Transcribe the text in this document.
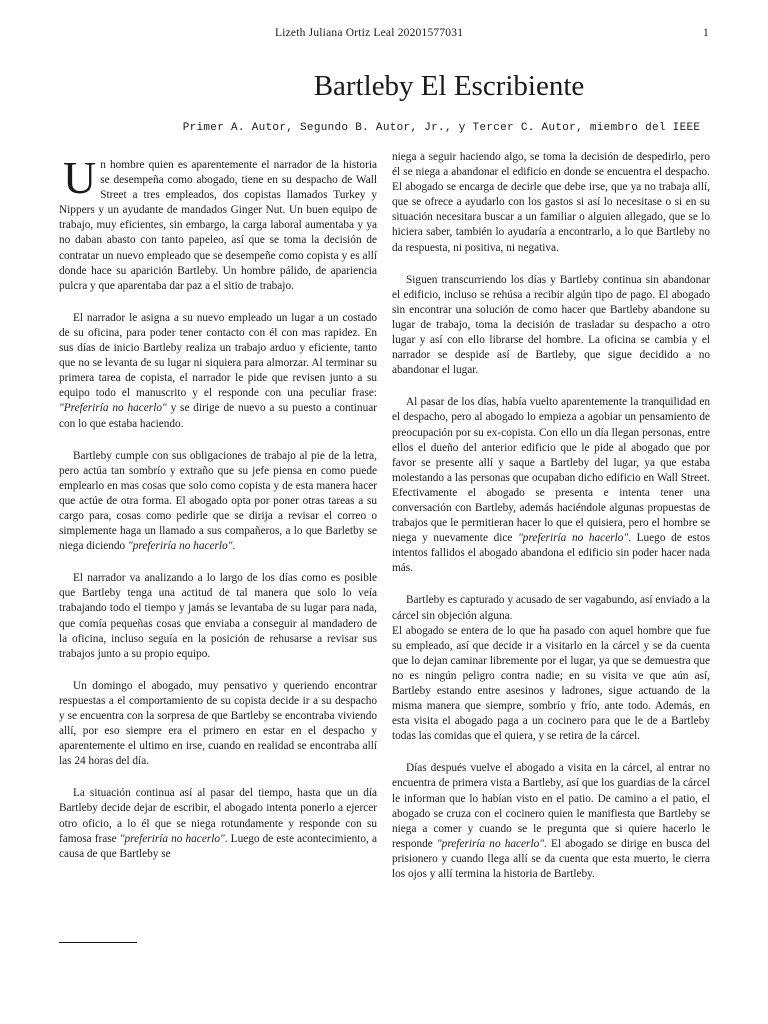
Lizeth Juliana Ortiz Leal 20201577031	1
Bartleby El Escribiente
Primer A. Autor, Segundo B. Autor, Jr., y Tercer C. Autor, miembro del IEEE

Un hombre quien es aparentemente el narrador de la historia se desempeña como abogado, tiene en su despacho de Wall Street a tres empleados, dos copistas llamados Turkey y Nippers y un ayudante de mandados Ginger Nut. Un buen equipo de trabajo, muy eficientes, sin embargo, la carga laboral aumentaba y ya no daban abasto con tanto papeleo, así que se toma la decisión de contratar un nuevo empleado que se desempeñe como copista y es allí donde hace su aparición Bartleby. Un hombre pálido, de apariencia pulcra y que aparentaba dar paz a el sitio de trabajo.

El narrador le asigna a su nuevo empleado un lugar a un costado de su oficina, para poder tener contacto con él con mas rapidez. En sus días de inicio Bartleby realiza un trabajo arduo y eficiente, tanto que no se levanta de su lugar ni siquiera para almorzar. Al terminar su primera tarea de copista, el narrador le pide que revisen junto a su equipo todo el manuscrito y el responde con una peculiar frase: "Preferiría no hacerlo" y se dirige de nuevo a su puesto a continuar con lo que estaba haciendo.

Bartleby cumple con sus obligaciones de trabajo al pie de la letra, pero actúa tan sombrío y extraño que su jefe piensa en como puede emplearlo en mas cosas que solo como copista y de esta manera hacer que actúe de otra forma. El abogado opta por poner otras tareas a su cargo para, cosas como pedirle que se dirija a revisar el correo o simplemente haga un llamado a sus compañeros, a lo que Barletby se niega diciendo "preferiría no hacerlo".

El narrador va analizando a lo largo de los días como es posible que Bartleby tenga una actitud de tal manera que solo lo veía trabajando todo el tiempo y jamás se levantaba de su lugar para nada, que comía pequeñas cosas que enviaba a conseguir al mandadero de la oficina, incluso seguía en la posición de rehusarse a revisar sus trabajos junto a su propio equipo.

Un domingo el abogado, muy pensativo y queriendo encontrar respuestas a el comportamiento de su copista decide ir a su despacho y se encuentra con la sorpresa de que Bartleby se encontraba viviendo allí, por eso siempre era el primero en estar en el despacho y aparentemente el ultimo en irse, cuando en realidad se encontraba allí las 24 horas del día.

La situación continua así al pasar del tiempo, hasta que un día Bartleby decide dejar de escribir, el abogado intenta ponerlo a ejercer otro oficio, a lo él que se niega rotundamente y responde con su famosa frase "preferiría no hacerlo". Luego de este acontecimiento, a causa de que Bartleby se

niega a seguir haciendo algo, se toma la decisión de despedirlo, pero él se niega a abandonar el edificio en donde se encuentra el despacho. El abogado se encarga de decirle que debe irse, que ya no trabaja allí, que se ofrece a ayudarlo con los gastos si así lo necesitase o si en su situación necesitara buscar a un familiar o alguien allegado, que se lo hiciera saber, también lo ayudaría a encontrarlo, a lo que Bartleby no da respuesta, ni positiva, ni negativa.

Siguen transcurriendo los días y Bartleby continua sin abandonar el edificio, incluso se rehúsa a recibir algún tipo de pago. El abogado sin encontrar una solución de como hacer que Bartleby abandone su lugar de trabajo, toma la decisión de trasladar su despacho a otro lugar y así con ello librarse del hombre. La oficina se cambia y el narrador se despide así de Bartleby, que sigue decidido a no abandonar el lugar.

Al pasar de los días, había vuelto aparentemente la tranquilidad en el despacho, pero al abogado lo empieza a agobiar un pensamiento de preocupación por su ex-copista. Con ello un día llegan personas, entre ellos el dueño del anterior edificio que le pide al abogado que por favor se presente allí y saque a Bartleby del lugar, ya que estaba molestando a las personas que ocupaban dicho edificio en Wall Street. Efectivamente el abogado se presenta e intenta tener una conversación con Bartleby, además haciéndole algunas propuestas de trabajos que le permitieran hacer lo que el quisiera, pero el hombre se niega y nuevamente dice "preferiría no hacerlo". Luego de estos intentos fallidos el abogado abandona el edificio sin poder hacer nada más.

Bartleby es capturado y acusado de ser vagabundo, así enviado a la cárcel sin objeción alguna.

El abogado se entera de lo que ha pasado con aquel hombre que fue su empleado, así que decide ir a visitarlo en la cárcel y se da cuenta que lo dejan caminar libremente por el lugar, ya que se demuestra que no es ningún peligro contra nadie; en su visita ve que aún así, Bartleby estando entre asesinos y ladrones, sigue actuando de la misma manera que siempre, sombrío y frío, ante todo. Además, en esta visita el abogado paga a un cocinero para que le de a Bartleby todas las comidas que el quiera, y se retira de la cárcel.

Días después vuelve el abogado a visita en la cárcel, al entrar no encuentra de primera vista a Bartleby, así que los guardias de la cárcel le informan que lo habían visto en el patio. De camino a el patio, el abogado se cruza con el cocinero quien le manifiesta que Bartleby se niega a comer y cuando se le pregunta que si quiere hacerlo le responde "preferiría no hacerlo". El abogado se dirige en busca del prisionero y cuando llega allí se da cuenta que esta muerto, le cierra los ojos y allí termina la historia de Bartleby.
